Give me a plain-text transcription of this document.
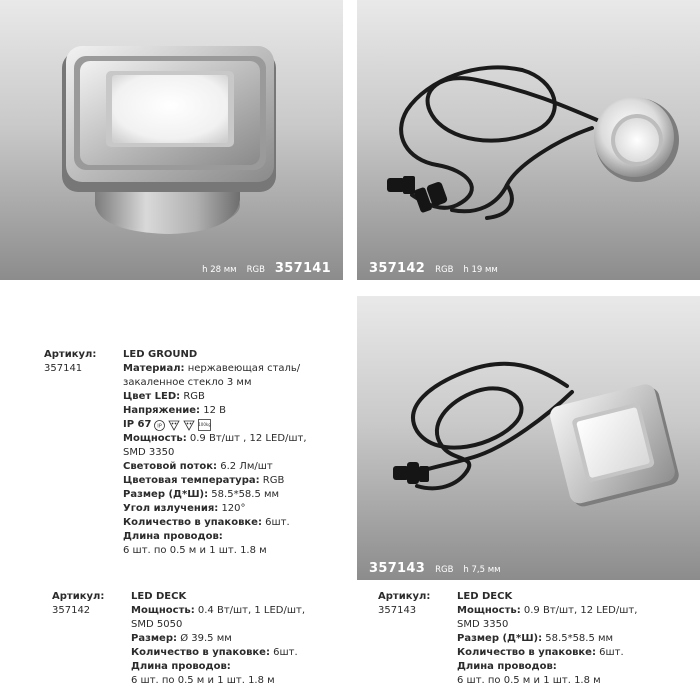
h 28 мм RGB 357141	357142 RGB h 19 мм
357143 RGB h 7,5 мм
Артикул:
357141
LED GROUND
Материал: нержавеющая сталь/
закаленное стекло 3 мм
Цвет LED: RGB
Напряжение: 12 В
IP 67 IP	100kg
Мощность: 0.9 Вт/шт , 12 LED/шт,
SMD 3350
Световой поток: 6.2 Лм/шт
Цветовая температура: RGB
Размер (Д*Ш): 58.5*58.5 мм
Угол излучения: 120°
Количество в упаковке: 6шт.
Длина проводов:
6 шт. по 0.5 м и 1 шт. 1.8 м
Артикул:
357142
LED DECK
Мощность: 0.4 Вт/шт, 1 LED/шт,
SMD 5050
Размер: Ø 39.5 мм
Количество в упаковке: 6шт.
Длина проводов:
6 шт. по 0.5 м и 1 шт. 1.8 м
Артикул:
357143
LED DECK
Мощность: 0.9 Вт/шт, 12 LED/шт,
SMD 3350
Размер (Д*Ш): 58.5*58.5 мм
Количество в упаковке: 6шт.
Длина проводов:
6 шт. по 0.5 м и 1 шт. 1.8 м
